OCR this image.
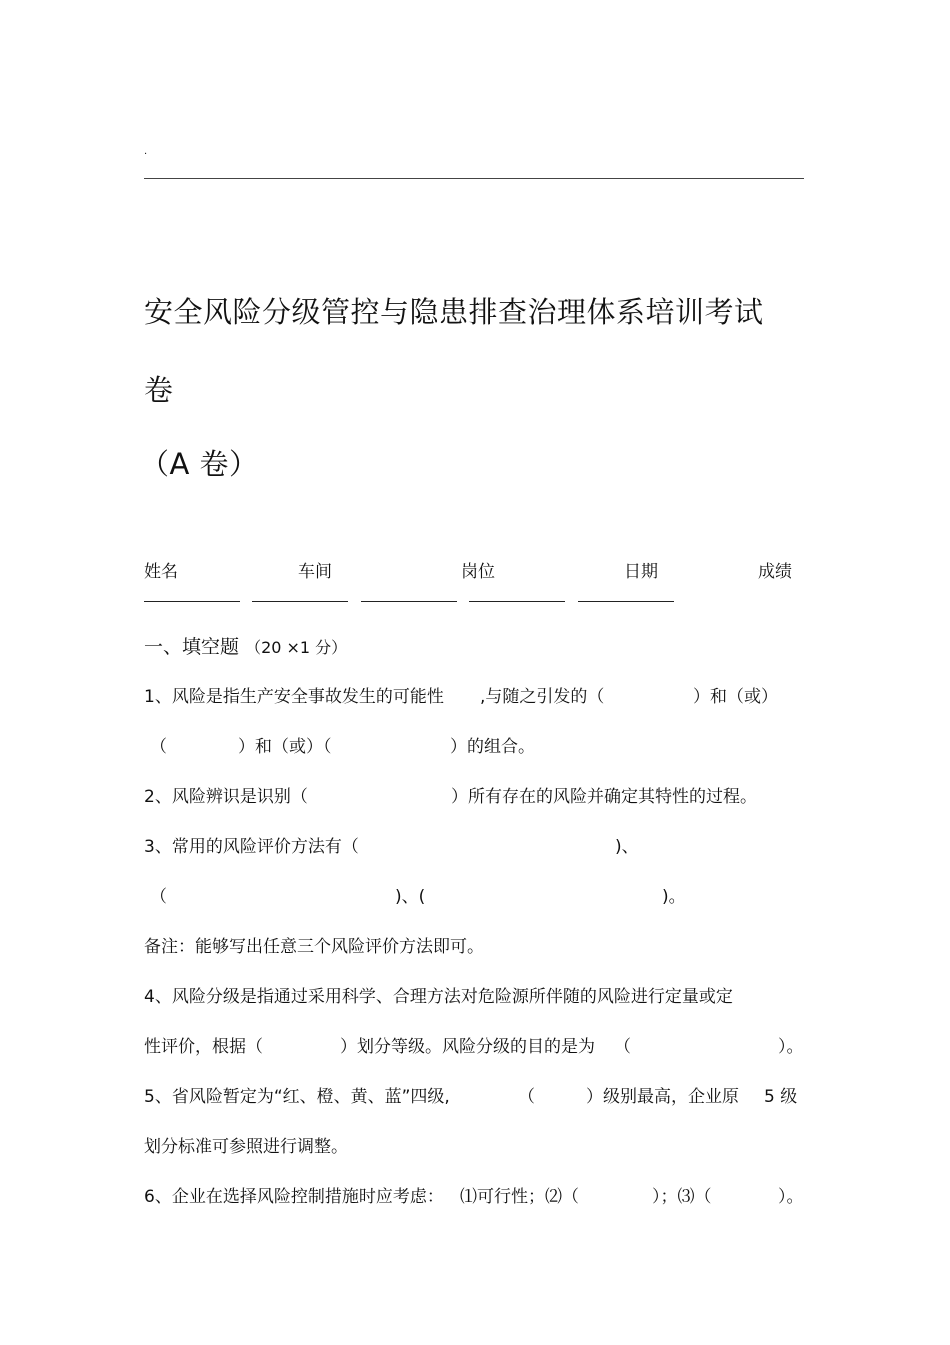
.
安全风险分级管控与隐患排查治理体系培训考试
卷
（A 卷）
姓名	车间	岗位	日期	成绩
一、填空题 （20 ×1 分）
1、风险是指生产安全事故发生的可能性 ,与随之引发的（	）和（或）
（	）和（或）（	）的组合。
2、风险辨识是识别（	）所有存在的风险并确定其特性的过程。
3、常用的风险评价方法有（	)、
（	)、(	)。
备注：能够写出任意三个风险评价方法即可。
4、风险分级是指通过采用科学、合理方法对危险源所伴随的风险进行定量或定
性评价，根据（	）划分等级。风险分级的目的是为 （	）。
5、省风险暂定为“红、橙、黄、蓝”四级,	（	）级别最高，企业原 5 级
划分标准可参照进行调整。
6、企业在选择风险控制措施时应考虑： ⑴可行性；⑵（	）；⑶（	）。
